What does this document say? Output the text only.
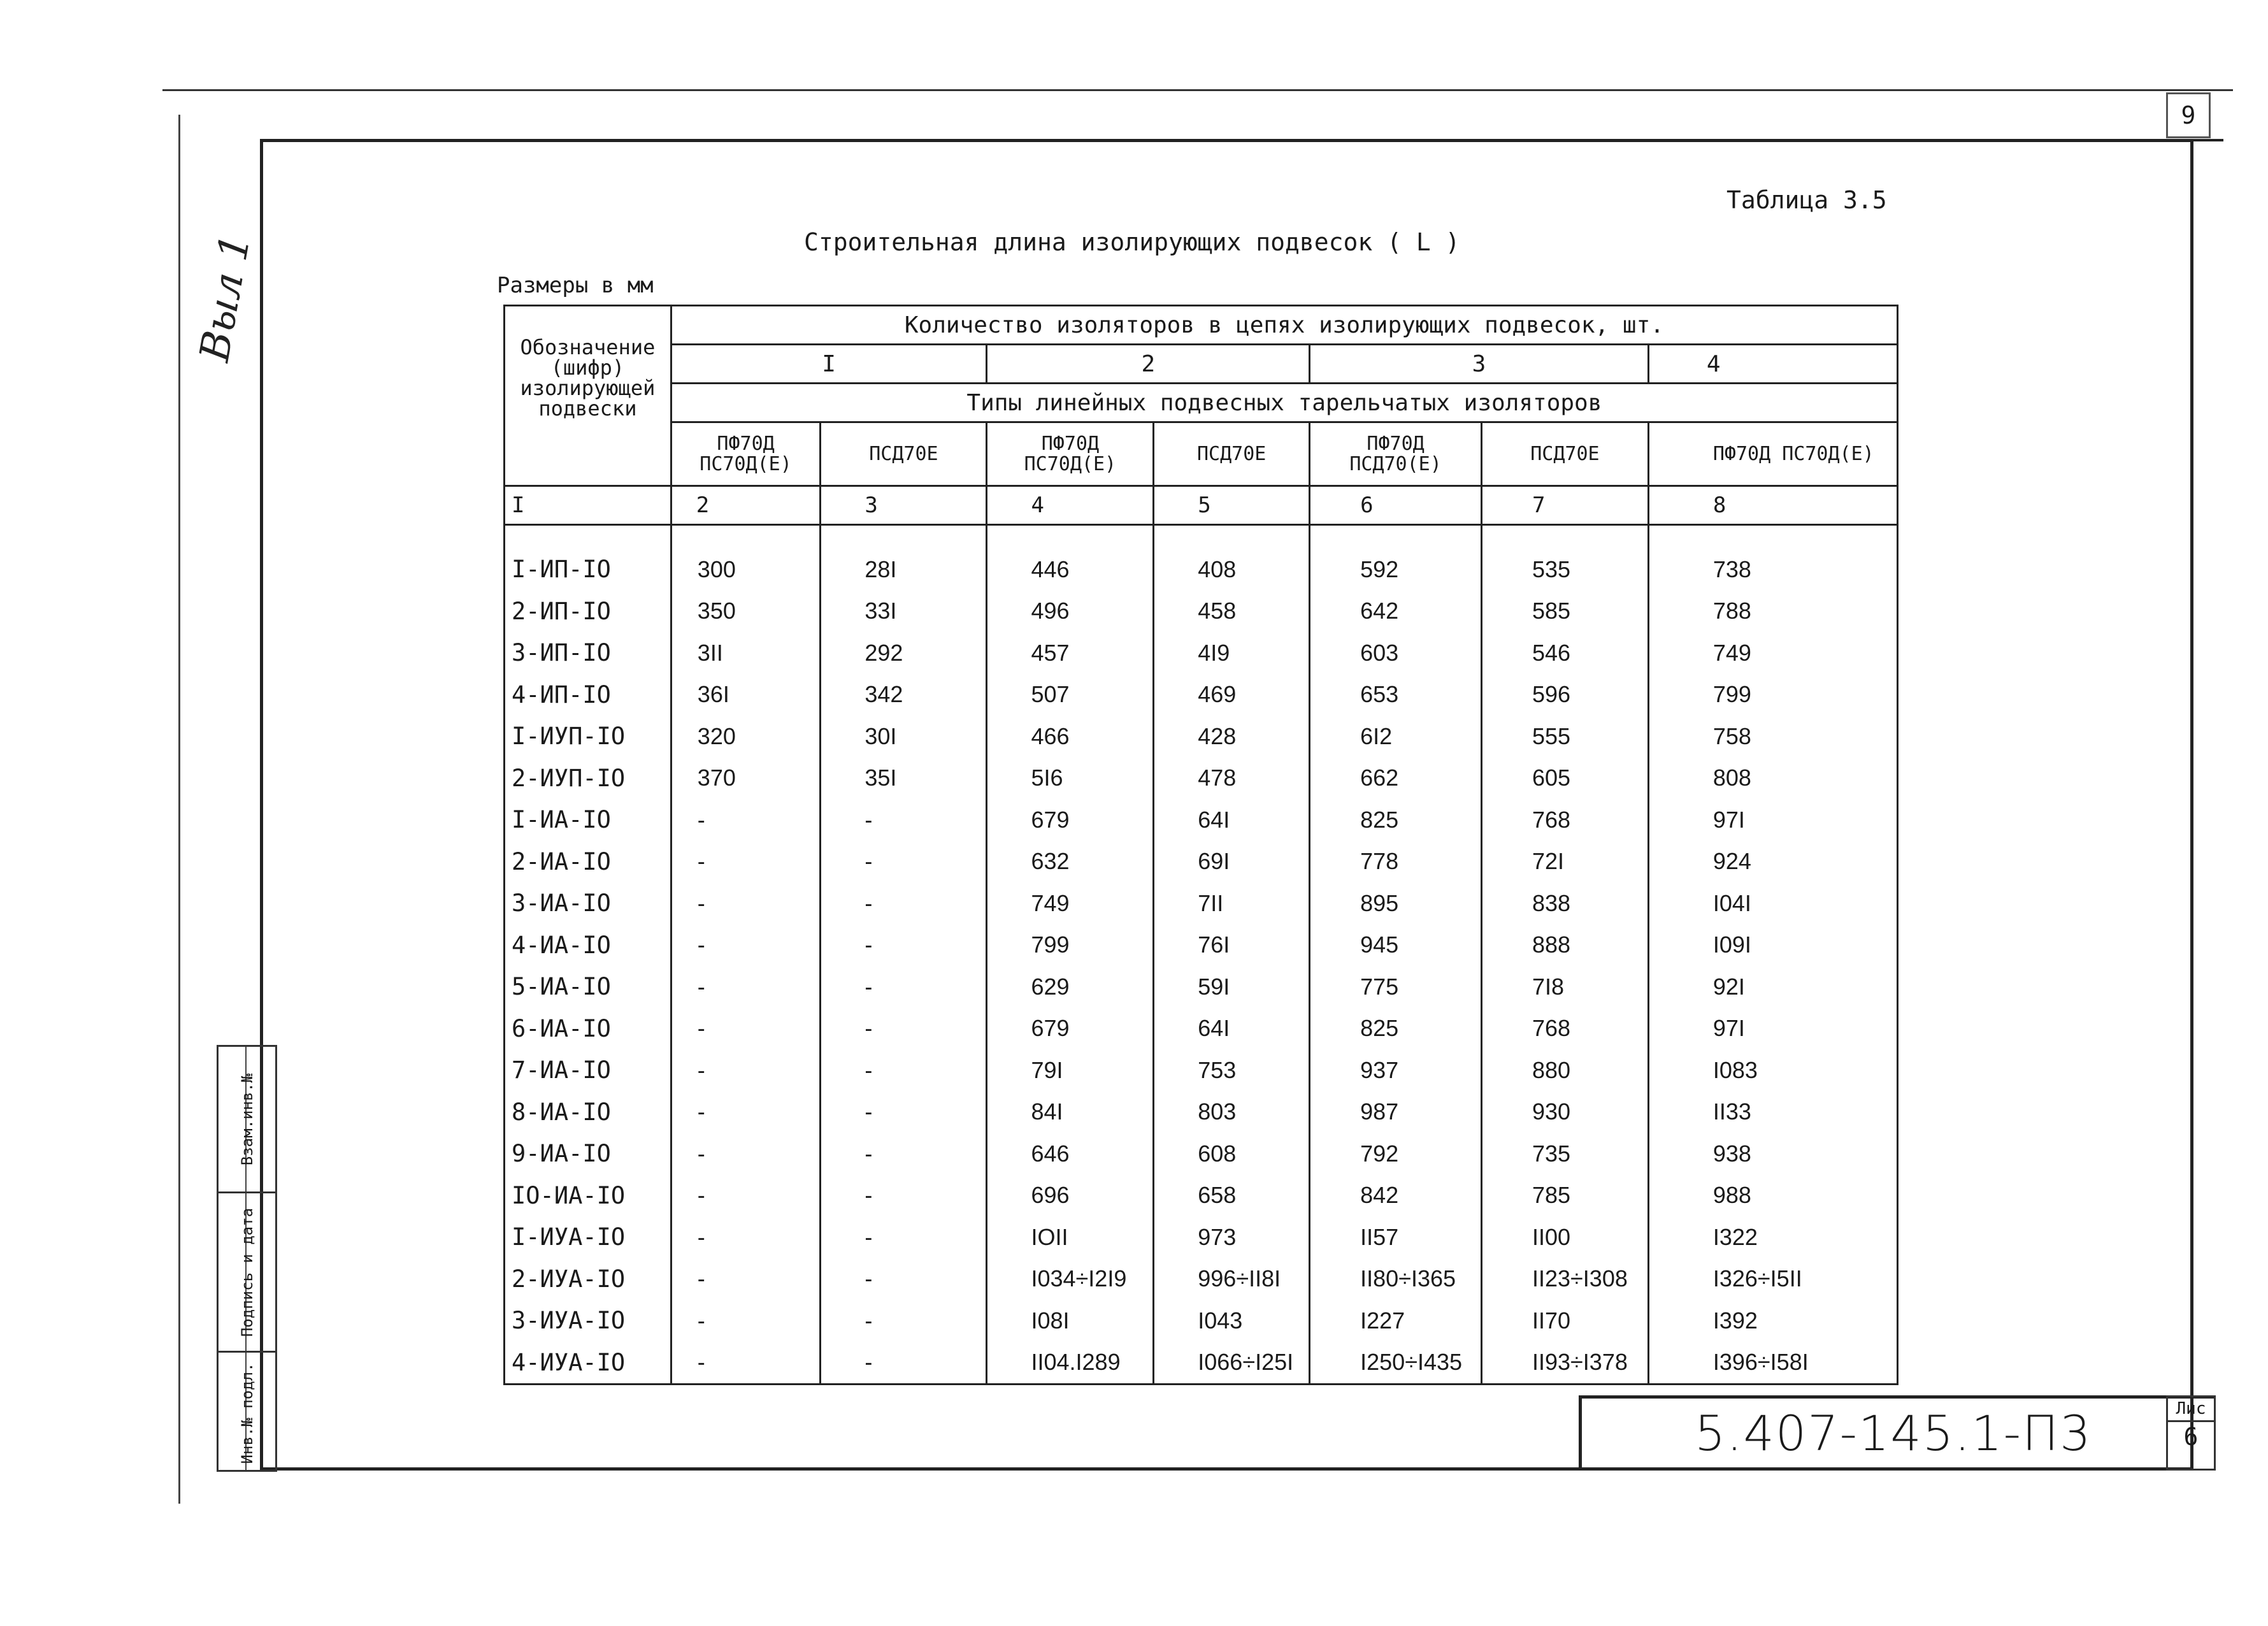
9
Таблица 3.5
Строительная длина изолирующих подвесок ( L )
Размеры в мм
Выл 1
Взам.инв.№
Подпись и дата
Инв.№ подл.
Обозначение (шифр) изолирующей подвески	Количество изоляторов в цепях изолирующих подвесок, шт.						
	I		2		3		4
	Типы линейных подвесных тарельчатых изоляторов						
	ПФ70Д ПС70Д(Е)	ПСД70Е	ПФ70Д ПС70Д(Е)	ПСД70Е	ПФ70Д ПСД70(Е)	ПСД70Е	ПФ70Д ПС70Д(Е)
I	2	3	4	5	6	7	8

I-ИП-IO	300	28I	446	408	592	535	738
2-ИП-IO	350	33I	496	458	642	585	788
3-ИП-IO	3II	292	457	4I9	603	546	749
4-ИП-IO	36I	342	507	469	653	596	799
I-ИУП-IO	320	30I	466	428	6I2	555	758
2-ИУП-IO	370	35I	5I6	478	662	605	808
I-ИА-IO	-	-	679	64I	825	768	97I
2-ИА-IO	-	-	632	69I	778	72I	924
3-ИА-IO	-	-	749	7II	895	838	I04I
4-ИА-IO	-	-	799	76I	945	888	I09I
5-ИА-IO	-	-	629	59I	775	7I8	92I
6-ИА-IO	-	-	679	64I	825	768	97I
7-ИА-IO	-	-	79I	753	937	880	I083
8-ИА-IO	-	-	84I	803	987	930	II33
9-ИА-IO	-	-	646	608	792	735	938
IO-ИА-IO	-	-	696	658	842	785	988
I-ИУА-IO	-	-	IOII	973	II57	II00	I322
2-ИУА-IO	-	-	I034÷I2I9	996÷II8I	II80÷I365	II23÷I308	I326÷I5II
3-ИУА-IO	-	-	I08I	I043	I227	II70	I392
4-ИУА-IO	-	-	II04.I289	I066÷I25I	I250÷I435	II93÷I378	I396÷I58I
5.407-145.1-П3	Лис
6
